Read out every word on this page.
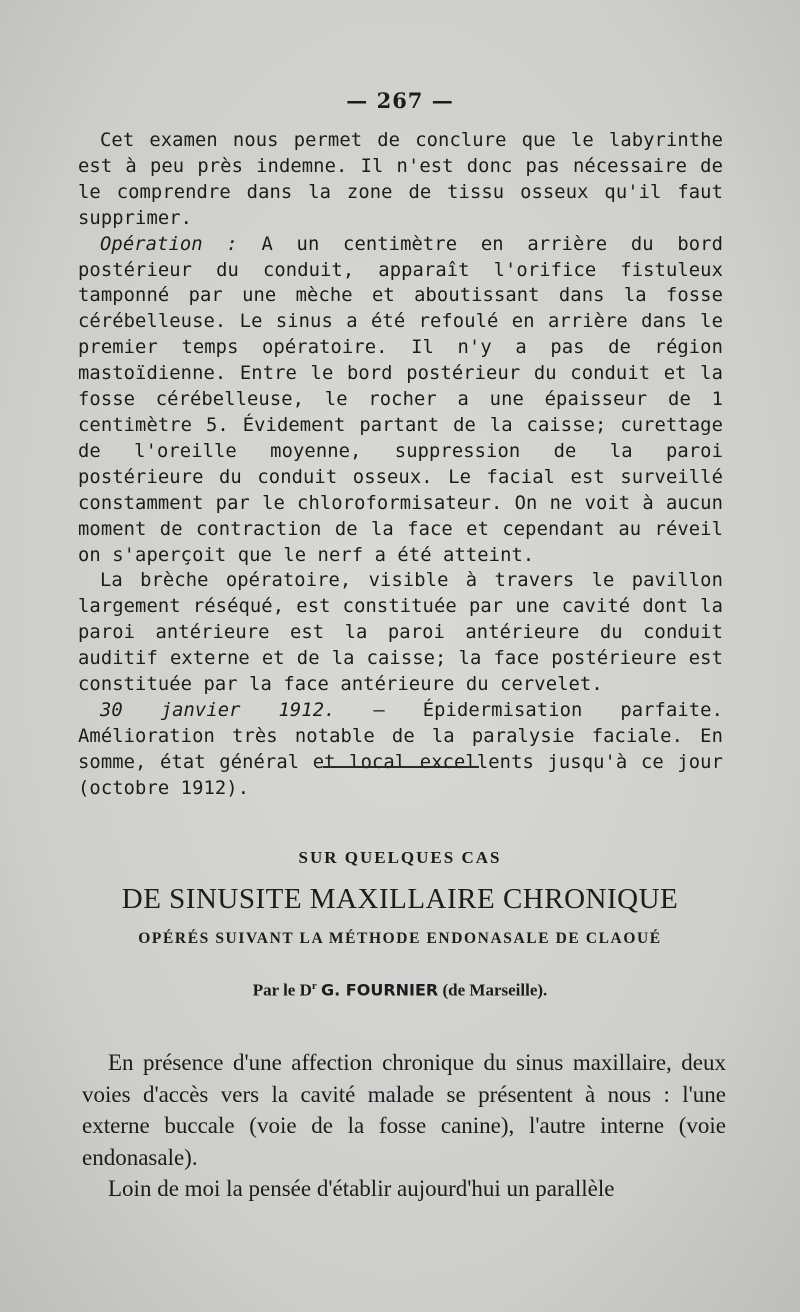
— 267 —

Cet examen nous permet de conclure que le labyrinthe est à peu près indemne. Il n'est donc pas nécessaire de le comprendre dans la zone de tissu osseux qu'il faut supprimer.

Opération : A un centimètre en arrière du bord postérieur du conduit, apparaît l'orifice fistuleux tamponné par une mèche et aboutissant dans la fosse cérébelleuse. Le sinus a été refoulé en arrière dans le premier temps opératoire. Il n'y a pas de région mastoïdienne. Entre le bord postérieur du conduit et la fosse cérébelleuse, le rocher a une épaisseur de 1 centimètre 5. Évidement partant de la caisse; curettage de l'oreille moyenne, suppression de la paroi postérieure du conduit osseux. Le facial est surveillé constamment par le chloroformisateur. On ne voit à aucun moment de contraction de la face et cependant au réveil on s'aperçoit que le nerf a été atteint.

La brèche opératoire, visible à travers le pavillon largement réséqué, est constituée par une cavité dont la paroi antérieure est la paroi antérieure du conduit auditif externe et de la caisse; la face postérieure est constituée par la face antérieure du cervelet.

30 janvier 1912. — Épidermisation parfaite. Amélioration très notable de la paralysie faciale. En somme, état général et local excellents jusqu'à ce jour (octobre 1912).

SUR QUELQUES CAS
DE SINUSITE MAXILLAIRE CHRONIQUE
OPÉRÉS SUIVANT LA MÉTHODE ENDONASALE DE CLAOUÉ
Par le $D^r$ G. FOURNIER (de Marseille).

En présence d'une affection chronique du sinus maxillaire, deux voies d'accès vers la cavité malade se présentent à nous : l'une externe buccale (voie de la fosse canine), l'autre interne (voie endonasale).

Loin de moi la pensée d'établir aujourd'hui un parallèle
